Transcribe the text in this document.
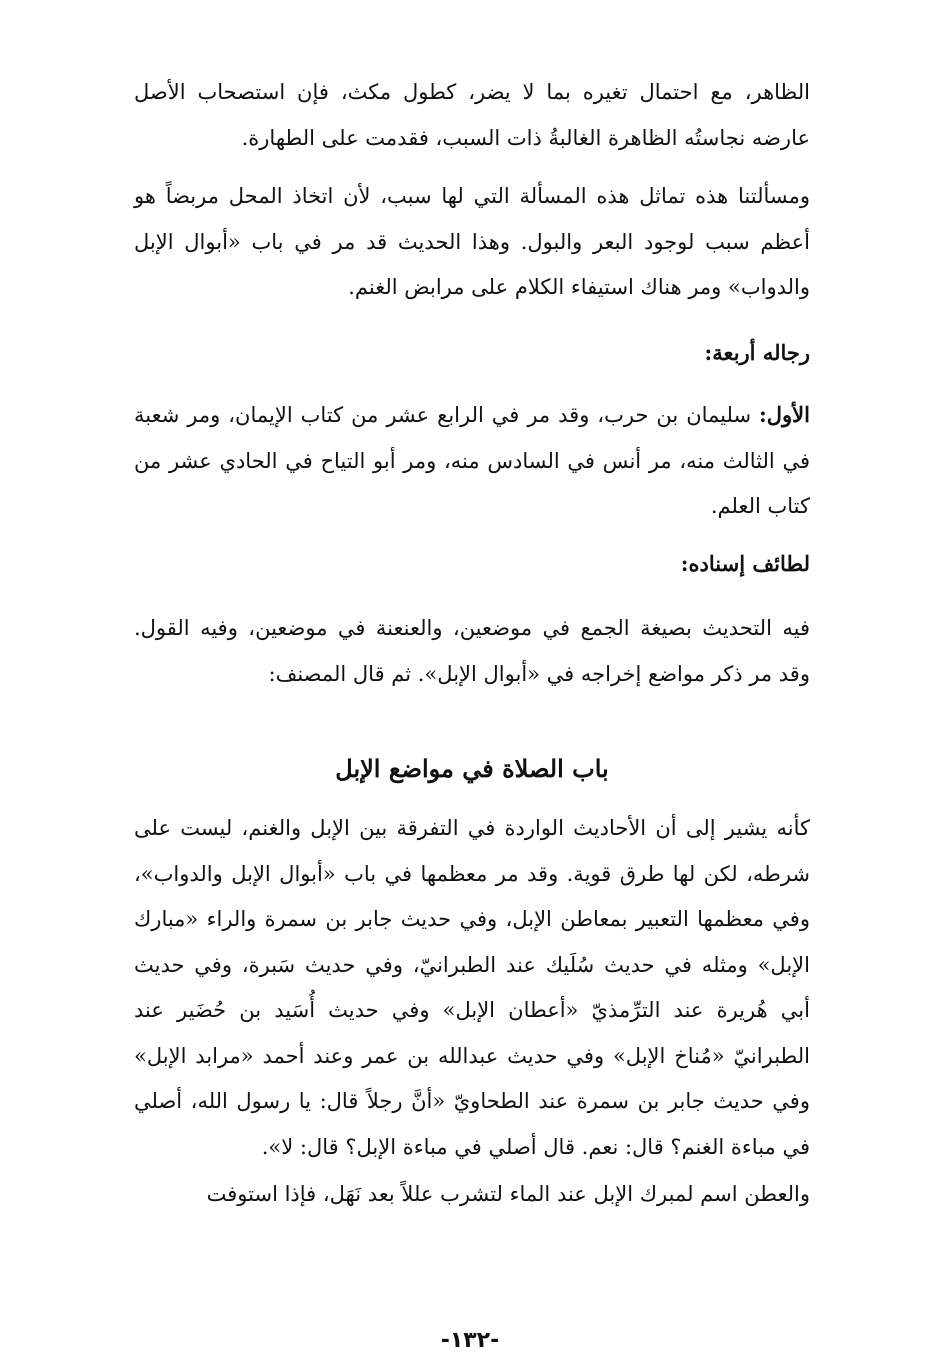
الظاهر، مع احتمال تغيره بما لا يضر، كطول مكث، فإن استصحاب الأصل عارضه نجاستُه الظاهرة الغالبةُ ذات السبب، فقدمت على الطهارة.

ومسألتنا هذه تماثل هذه المسألة التي لها سبب، لأن اتخاذ المحل مربضاً هو أعظم سبب لوجود البعر والبول. وهذا الحديث قد مر في باب «أبوال الإبل والدواب» ومر هناك استيفاء الكلام على مرابض الغنم.

رجاله أربعة:

الأول: سليمان بن حرب، وقد مر في الرابع عشر من كتاب الإيمان، ومر شعبة في الثالث منه، مر أنس في السادس منه، ومر أبو التياح في الحادي عشر من كتاب العلم.

لطائف إسناده:

فيه التحديث بصيغة الجمع في موضعين، والعنعنة في موضعين، وفيه القول. وقد مر ذكر مواضع إخراجه في «أبوال الإبل». ثم قال المصنف:

باب الصلاة في مواضع الإبل

كأنه يشير إلى أن الأحاديث الواردة في التفرقة بين الإبل والغنم، ليست على شرطه، لكن لها طرق قوية. وقد مر معظمها في باب «أبوال الإبل والدواب»، وفي معظمها التعبير بمعاطن الإبل، وفي حديث جابر بن سمرة والراء «مبارك الإبل» ومثله في حديث سُلَيك عند الطبرانيّ، وفي حديث سَبرة، وفي حديث أبي هُريرة عند الترِّمذيّ «أعطان الإبل» وفي حديث أُسَيد بن حُضَير عند الطبرانيّ «مُناخ الإبل» وفي حديث عبدالله بن عمر وعند أحمد «مرابد الإبل» وفي حديث جابر بن سمرة عند الطحاويّ «أنَّ رجلاً قال: يا رسول الله، أصلي في مباءة الغنم؟ قال: نعم. قال أصلي في مباءة الإبل؟ قال: لا».

والعطن اسم لمبرك الإبل عند الماء لتشرب عللاً بعد نَهَل، فإذا استوفت

-١٣٢-
